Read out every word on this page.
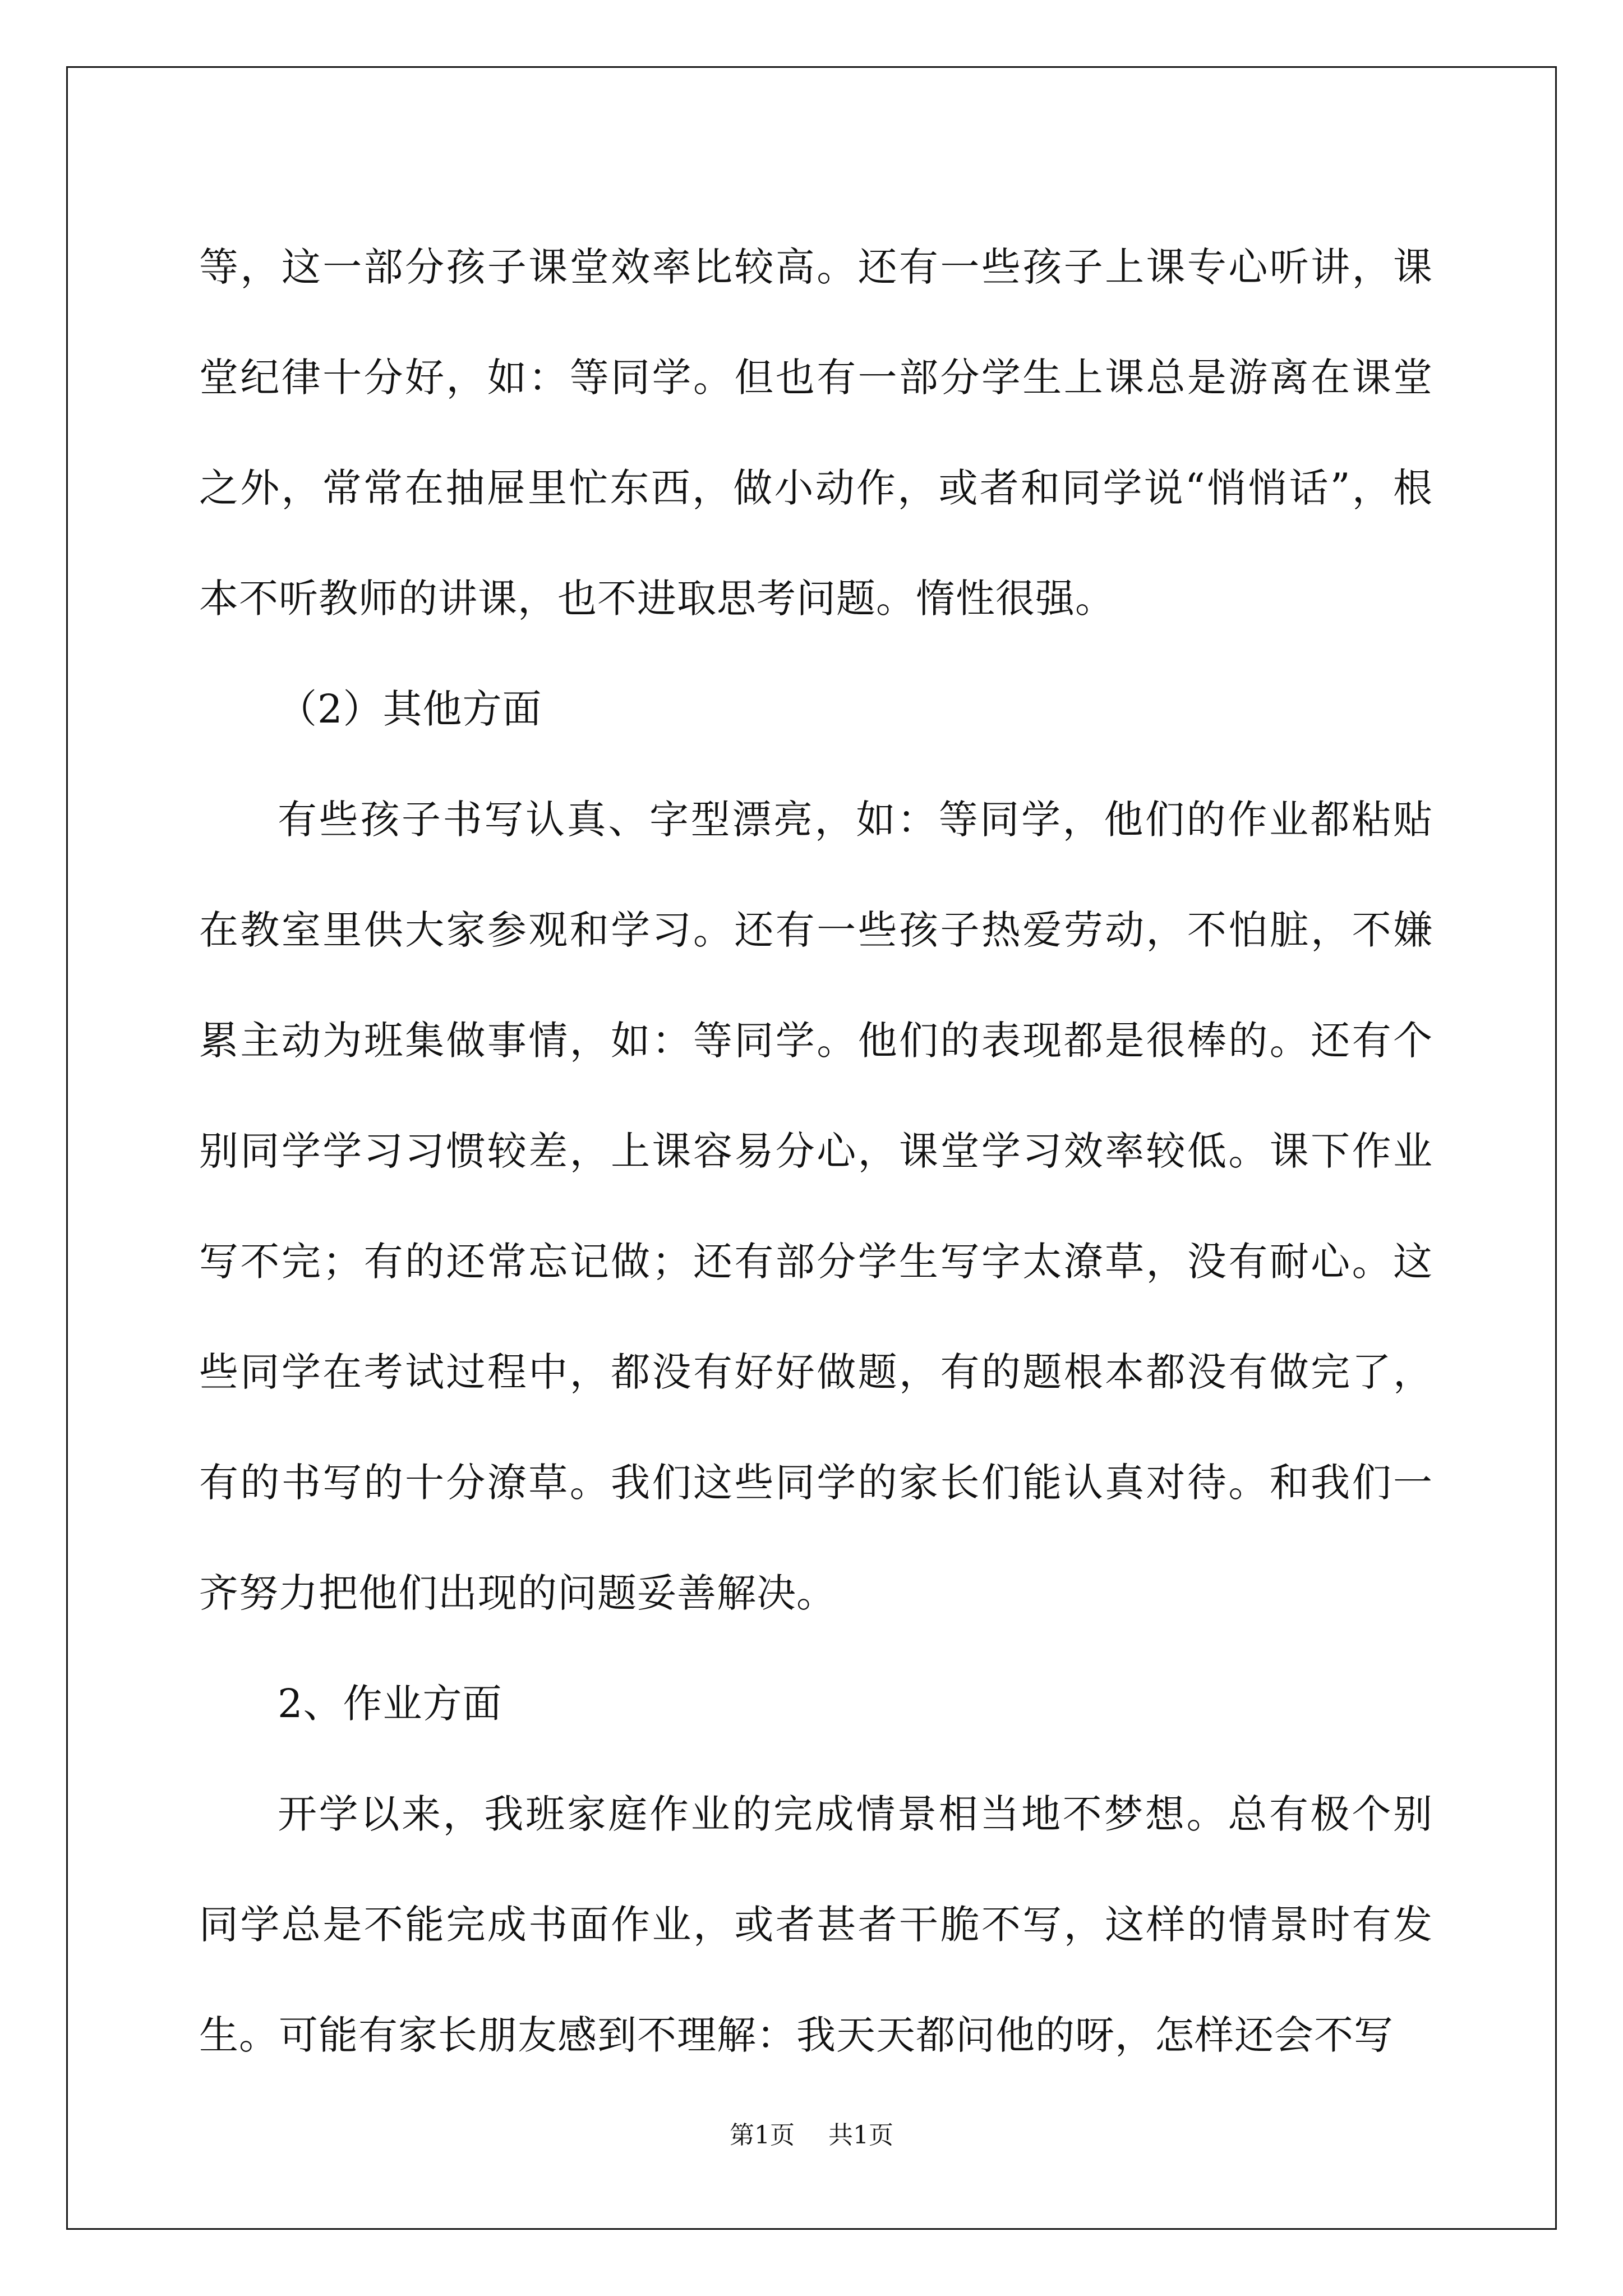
等，这一部分孩子课堂效率比较高。还有一些孩子上课专心听讲，课
堂纪律十分好，如：等同学。但也有一部分学生上课总是游离在课堂
之外，常常在抽屉里忙东西，做小动作，或者和同学说“悄悄话”，根
本不听教师的讲课，也不进取思考问题。惰性很强。
（2）其他方面
有些孩子书写认真、字型漂亮，如：等同学，他们的作业都粘贴
在教室里供大家参观和学习。还有一些孩子热爱劳动，不怕脏，不嫌
累主动为班集做事情，如：等同学。他们的表现都是很棒的。还有个
别同学学习习惯较差，上课容易分心，课堂学习效率较低。课下作业
写不完；有的还常忘记做；还有部分学生写字太潦草，没有耐心。这
些同学在考试过程中，都没有好好做题，有的题根本都没有做完了，
有的书写的十分潦草。我们这些同学的家长们能认真对待。和我们一
齐努力把他们出现的问题妥善解决。
2、作业方面
开学以来，我班家庭作业的完成情景相当地不梦想。总有极个别
同学总是不能完成书面作业，或者甚者干脆不写，这样的情景时有发
生。可能有家长朋友感到不理解：我天天都问他的呀，怎样还会不写
第1页 共1页
